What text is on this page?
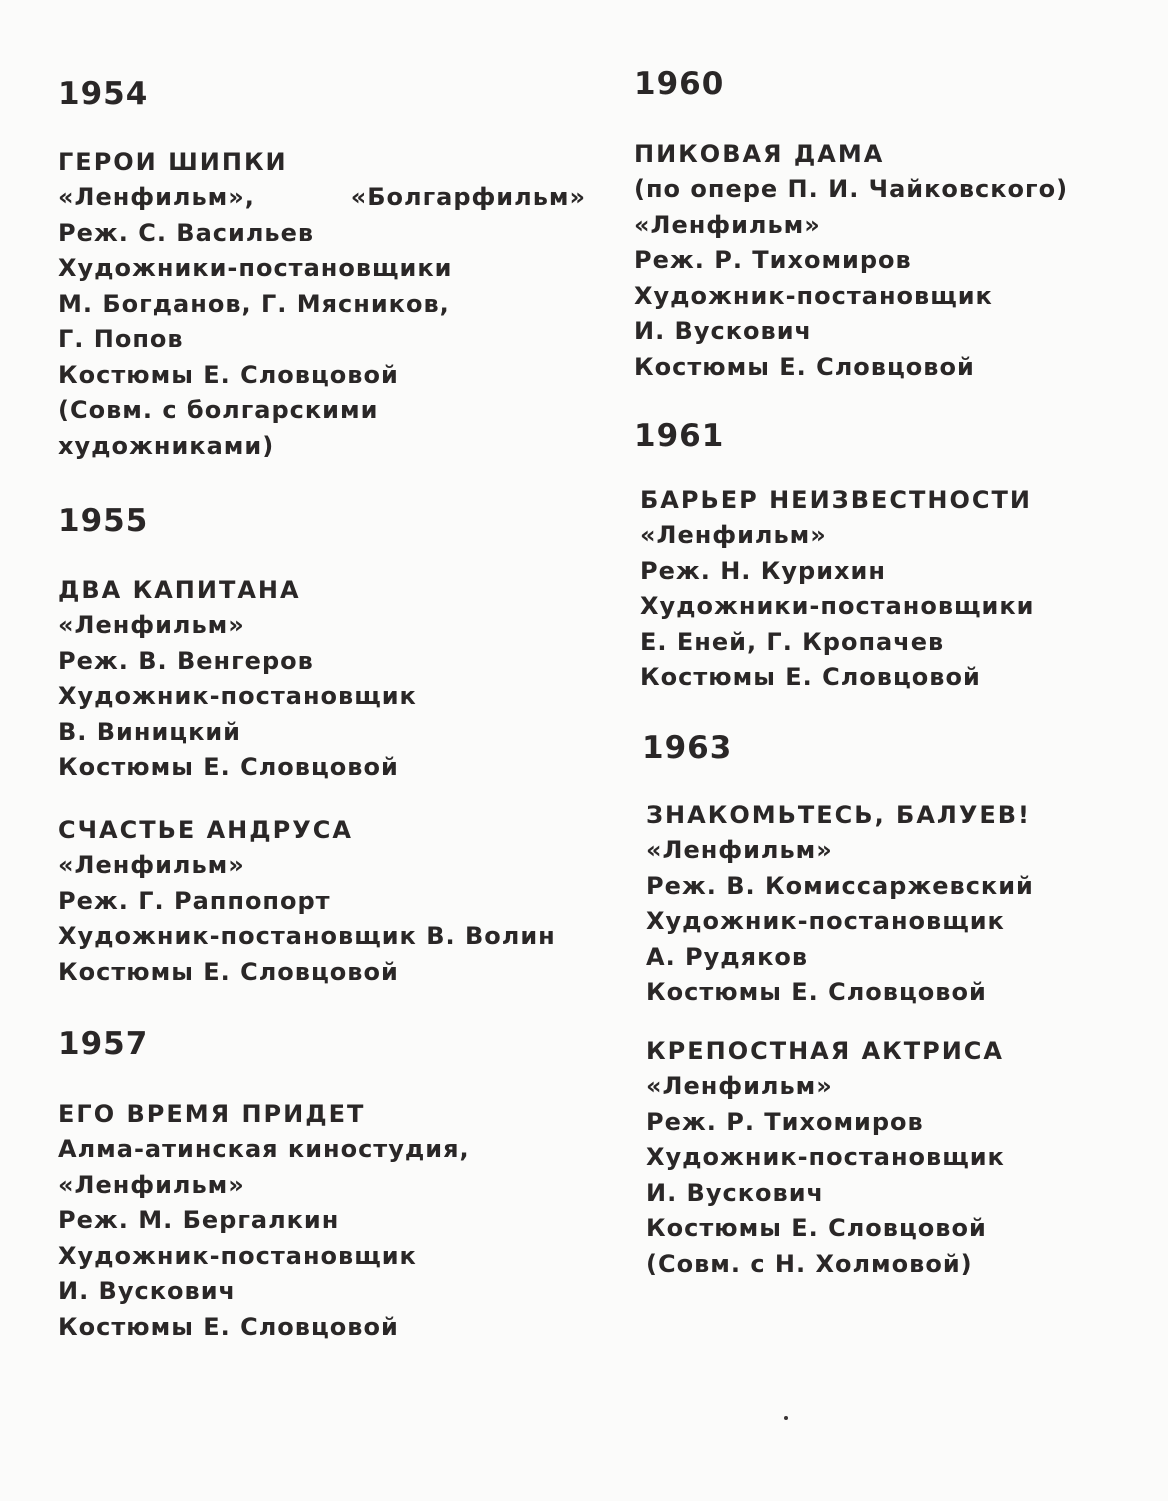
1954
ГЕРОИ ШИПКИ
«Ленфильм»,	«Болгарфильм»
Реж. С. Васильев
Художники-постановщики
М. Богданов, Г. Мясников,
Г. Попов
Костюмы Е. Словцовой
(Совм. с болгарскими
художниками)
1955
ДВА КАПИТАНА
«Ленфильм»
Реж. В. Венгеров
Художник-постановщик
В. Виницкий
Костюмы Е. Словцовой
СЧАСТЬЕ АНДРУСА
«Ленфильм»
Реж. Г. Раппопорт
Художник-постановщик В. Волин
Костюмы Е. Словцовой
1957
ЕГО ВРЕМЯ ПРИДЕТ
Алма-атинская киностудия,
«Ленфильм»
Реж. М. Бергалкин
Художник-постановщик
И. Вускович
Костюмы Е. Словцовой
1960
ПИКОВАЯ ДАМА
(по опере П. И. Чайковского)
«Ленфильм»
Реж. Р. Тихомиров
Художник-постановщик
И. Вускович
Костюмы Е. Словцовой
1961
БАРЬЕР НЕИЗВЕСТНОСТИ
«Ленфильм»
Реж. Н. Курихин
Художники-постановщики
Е. Еней, Г. Кропачев
Костюмы Е. Словцовой
1963
ЗНАКОМЬТЕСЬ, БАЛУЕВ!
«Ленфильм»
Реж. В. Комиссаржевский
Художник-постановщик
А. Рудяков
Костюмы Е. Словцовой
КРЕПОСТНАЯ АКТРИСА
«Ленфильм»
Реж. Р. Тихомиров
Художник-постановщик
И. Вускович
Костюмы Е. Словцовой
(Совм. с Н. Холмовой)
